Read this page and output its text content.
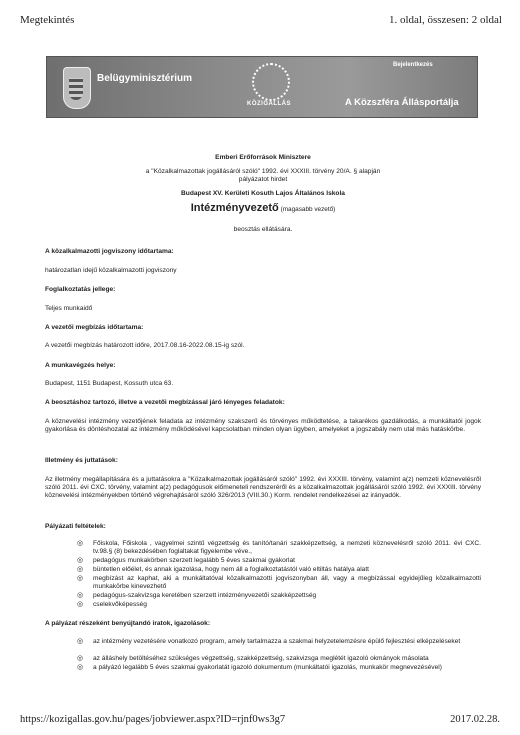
Megtekintés	1. oldal, összesen: 2 oldal
Belügyminisztérium
KÖZIGÁLLÁS
Bejelentkezés
A Közszféra Állásportálja
Emberi Erőforrások Minisztere
a "Közalkalmazottak jogállásáról szóló" 1992. évi XXXIII. törvény 20/A. § alapján
pályázatot hirdet
Budapest XV. Kerületi Kosuth Lajos Általános Iskola
Intézményvezető (magasabb vezető)
beosztás ellátására.
A közalkalmazotti jogviszony időtartama:
határozatlan idejű közalkalmazotti jogviszony
Foglalkoztatás jellege:
Teljes munkaidő
A vezetői megbízás időtartama:
A vezetői megbízás határozott időre, 2017.08.16-2022.08.15-ig szól.
A munkavégzés helye:
Budapest, 1151 Budapest, Kossuth utca 63.
A beosztáshoz tartozó, illetve a vezetői megbízással járó lényeges feladatok:
A köznevelési intézmény vezetőjének feladata az intézmény szakszerű és törvényes működtetése, a takarékos gazdálkodás, a munkáltatói jogok gyakorlása és döntéshozatal az intézmény működésével kapcsolatban minden olyan ügyben, amelyeket a jogszabály nem utal más hatáskörbe.
Illetmény és juttatások:
Az illetmény megállapítására és a juttatásokra a "Közalkalmazottak jogállásáról szóló" 1992. évi XXXIII. törvény, valamint a(z) nemzeti köznevelésről szóló 2011. évi CXC. törvény, valamint a(z) pedagógusok előmeneteli rendszeréről és a közalkalmazottak jogállásáról szóló 1992. évi XXXIII. törvény köznevelési intézményekben történő végrehajtásáról szóló 326/2013 (VIII.30.) Korm. rendelet rendelkezései az irányadók.
Pályázati feltételek:
◎ Főiskola, Főiskola , vagyelmei szintű végzettség és tanító/tanári szakképzettség, a nemzeti köznevelésről szóló 2011. évi CXC. tv.98.§ (8) bekezdésében foglaltakat figyelembe véve.,
◎ pedagógus munkakörben szerzett legalább 5 éves szakmai gyakorlat
◎ büntetlen előélet, és annak igazolása, hogy nem áll a foglalkoztatástól való eltiltás hatálya alatt
◎ megbízást az kaphat, aki a munkáltatóval közalkalmazotti jogviszonyban áll, vagy a megbízással egyidejűleg közalkalmazotti munkakörbe kinevezhető
◎ pedagógus-szakvizsga keretében szerzett intézményvezetői szakképzettség
◎ cselekvőképesség
A pályázat részeként benyújtandó iratok, igazolások:
◎ az intézmény vezetésére vonatkozó program, amely tartalmazza a szakmai helyzetelemzésre épülő fejlesztési elképzeléseket
◎ az álláshely betöltéséhez szükséges végzettség, szakképzettség, szakvizsga meglétét igazoló okmányok másolata
◎ a pályázó legalább 5 éves szakmai gyakorlatát igazoló dokumentum (munkáltatói igazolás, munkakör megnevezésével)
https://kozigallas.gov.hu/pages/jobviewer.aspx?ID=rjnf0ws3g7	2017.02.28.
